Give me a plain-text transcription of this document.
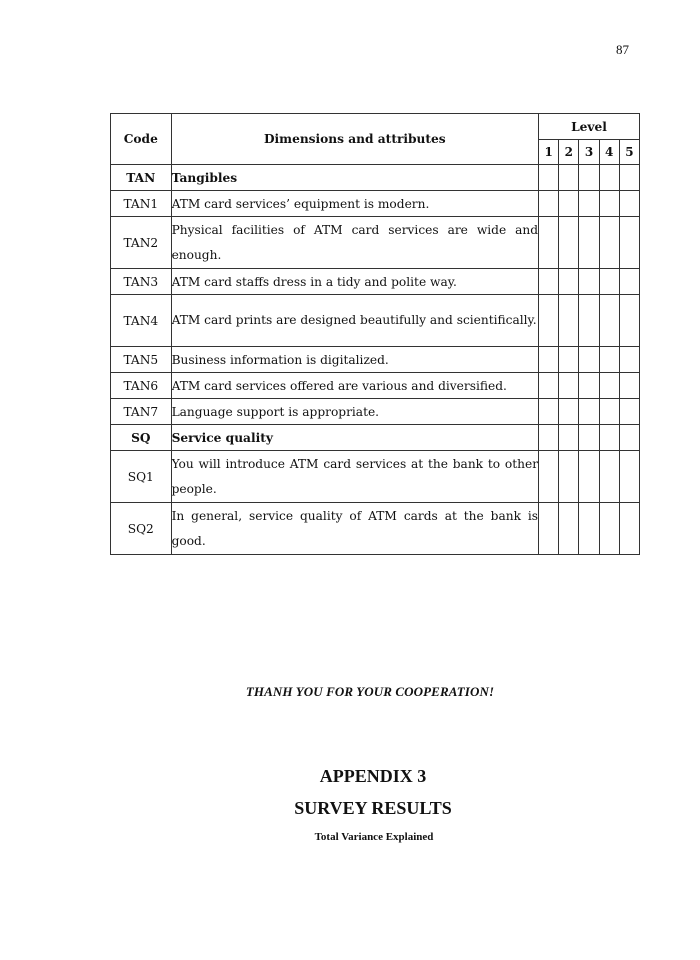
87
Code	Dimensions and attributes	Level				
		1	2	3	4	5
TAN	Tangibles					
TAN1	ATM card services’ equipment is modern.					
TAN2	Physical facilities of ATM card services are wide and enough.					
TAN3	ATM card staffs dress in a tidy and polite way.					
TAN4	ATM card prints are designed beautifully and scientifically.					
TAN5	Business information is digitalized.					
TAN6	ATM card services offered are various and diversified.					
TAN7	Language support is appropriate.					
SQ	Service quality					
SQ1	You will introduce ATM card services at the bank to other people.					
SQ2	In general, service quality of ATM cards at the bank is good.					
THANH YOU FOR YOUR COOPERATION!
APPENDIX 3
SURVEY RESULTS
Total Variance Explained
